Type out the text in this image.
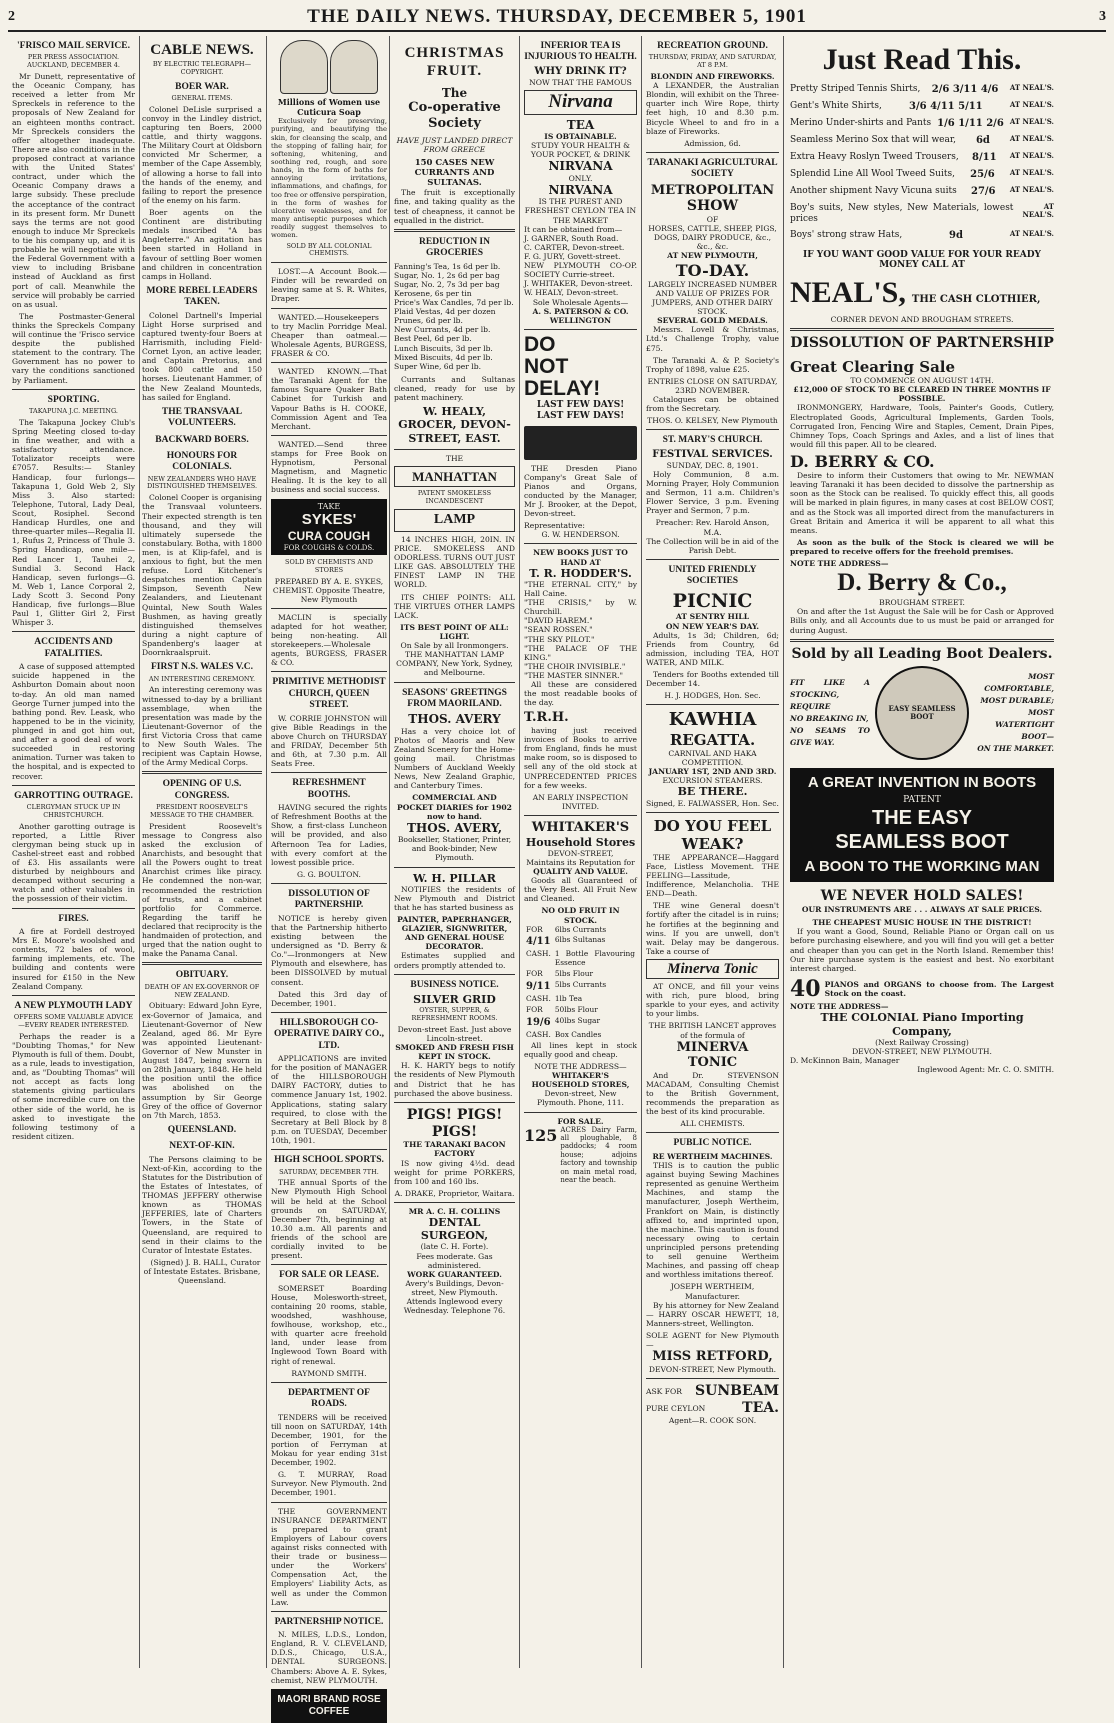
2	THE DAILY NEWS. THURSDAY, DECEMBER 5, 1901	3
'FRISCO MAIL SERVICE.
PER PRESS ASSOCIATION. AUCKLAND, DECEMBER 4.

Mr Dunett, representative of the Oceanic Company, has received a letter from Mr Spreckels in reference to the proposals of New Zealand for an eighteen months contract. Mr Spreckels considers the offer altogether inadequate. There are also conditions in the proposed contract at variance with the United States' contract, under which the Oceanic Company draws a large subsidy. These preclude the acceptance of the contract in its present form. Mr Dunett says the terms are not good enough to induce Mr Spreckels to tie his company up, and it is probable he will negotiate with the Federal Government with a view to including Brisbane instead of Auckland as first port of call. Meanwhile the service will probably be carried on as usual.

The Postmaster-General thinks the Spreckels Company will continue the 'Frisco service despite the published statement to the contrary. The Government has no power to vary the conditions sanctioned by Parliament.

SPORTING.
TAKAPUNA J.C. MEETING.

The Takapuna Jockey Club's Spring Meeting closed to-day in fine weather, and with a satisfactory attendance. Totalizator receipts were £7057. Results:— Stanley Handicap, four furlongs—Takapuna 1, Gold Web 2, Sly Miss 3. Also started: Telephone, Tutoral, Lady Deal, Scout, Rosiphel. Second Handicap Hurdles, one and three-quarter miles—Regalia II. 1, Rufus 2, Princess of Thule 3. Spring Handicap, one mile—Red Lancer 1, Tauhei 2, Sundial 3. Second Hack Handicap, seven furlongs—G. M. Web 1, Lance Corporal 2, Lady Scott 3. Second Pony Handicap, five furlongs—Blue Paul 1, Glitter Girl 2, First Whisper 3.

ACCIDENTS AND FATALITIES.

A case of supposed attempted suicide happened in the Ashburton Domain about noon to-day. An old man named George Turner jumped into the bathing pond. Rev. Leask, who happened to be in the vicinity, plunged in and got him out, and after a good deal of work succeeded in restoring animation. Turner was taken to the hospital, and is expected to recover.

GARROTTING OUTRAGE.
CLERGYMAN STUCK UP IN CHRISTCHURCH.

Another garotting outrage is reported, a Little River clergyman being stuck up in Cashel-street east and robbed of £3. His assailants were disturbed by neighbours and decamped without securing a watch and other valuables in the possession of their victim.

FIRES.

A fire at Fordell destroyed Mrs E. Moore's woolshed and contents, 72 bales of wool, farming implements, etc. The building and contents were insured for £150 in the New Zealand Company.

A NEW PLYMOUTH LADY
OFFERS SOME VALUABLE ADVICE—EVERY READER INTERESTED.

Perhaps the reader is a "Doubting Thomas," for New Plymouth is full of them. Doubt, as a rule, leads to investigation, and, as "Doubting Thomas" will not accept as facts long statements giving particulars of some incredible cure on the other side of the world, he is asked to investigate the following testimony of a resident citizen.

CABLE NEWS.
BY ELECTRIC TELEGRAPH—COPYRIGHT.
BOER WAR.
GENERAL ITEMS.

Colonel DeLisle surprised a convoy in the Lindley district, capturing ten Boers, 2000 cattle, and thirty waggons. The Military Court at Oldsborn convicted Mr Schermer, a member of the Cape Assembly, of allowing a horse to fall into the hands of the enemy, and failing to report the presence of the enemy on his farm.

Boer agents on the Continent are distributing medals inscribed "A bas Angleterre." An agitation has been started in Holland in favour of settling Boer women and children in concentration camps in Holland.

MORE REBEL LEADERS TAKEN.

Colonel Dartnell's Imperial Light Horse surprised and captured twenty-four Boers at Harrismith, including Field-Cornet Lyon, an active leader, and Captain Pretorius, and took 800 cattle and 150 horses. Lieutenant Hammer, of the New Zealand Mounteds, has sailed for England.

THE TRANSVAAL VOLUNTEERS.
BACKWARD BOERS.
HONOURS FOR COLONIALS.
NEW ZEALANDERS WHO HAVE DISTINGUISHED THEMSELVES.

Colonel Cooper is organising the Transvaal volunteers. Their expected strength is ten thousand, and they will ultimately supersede the constabulary. Botha, with 1800 men, is at Klip-fafel, and is anxious to fight, but the men refuse. Lord Kitchener's despatches mention Captain Simpson, Seventh New Zealanders, and Lieutenant Quintal, New South Wales Bushmen, as having greatly distinguished themselves during a night capture of Spandenberg's laager at Doornkraalspruit.

FIRST N.S. WALES V.C.
AN INTERESTING CEREMONY.

An interesting ceremony was witnessed to-day by a brilliant assemblage, when the presentation was made by the Lieutenant-Governor of the first Victoria Cross that came to New South Wales. The recipient was Captain Howse, of the Army Medical Corps.

OPENING OF U.S. CONGRESS.
PRESIDENT ROOSEVELT'S MESSAGE TO THE CHAMBER.

President Roosevelt's message to Congress also asked the exclusion of Anarchists, and besought that all the Powers ought to treat Anarchist crimes like piracy. He condemned the non-war, recommended the restriction of trusts, and a cabinet portfolio for Commerce. Regarding the tariff he declared that reciprocity is the handmaiden of protection, and urged that the nation ought to make the Panama Canal.

OBITUARY.
DEATH OF AN EX-GOVERNOR OF NEW ZEALAND.

Obituary: Edward John Eyre, ex-Governor of Jamaica, and Lieutenant-Governor of New Zealand, aged 86. Mr Eyre was appointed Lieutenant-Governor of New Munster in August 1847, being sworn in on 28th January, 1848. He held the position until the office was abolished on the assumption by Sir George Grey of the office of Governor on 7th March, 1853.

QUEENSLAND.
NEXT-OF-KIN.

The Persons claiming to be Next-of-Kin, according to the Statutes for the Distribution of the Estates of Intestates, of THOMAS JEFFERY otherwise known as THOMAS JEFFERIES, late of Charters Towers, in the State of Queensland, are required to send in their claims to the Curator of Intestate Estates.

(Signed) J. B. HALL, Curator of Intestate Estates. Brisbane, Queensland.

Millions of Women use Cuticura Soap

Exclusively for preserving, purifying, and beautifying the skin, for cleansing the scalp, and the stopping of falling hair, for softening, whitening, and soothing red, rough, and sore hands, in the form of baths for annoying irritations, inflammations, and chafings, for too free or offensive perspiration, in the form of washes for ulcerative weaknesses, and for many antiseptic purposes which readily suggest themselves to women.

SOLD BY ALL COLONIAL CHEMISTS.

LOST.—A Account Book.—Finder will be rewarded on leaving same at S. R. Whites, Draper.

WANTED.—Housekeepers to try Maclin Porridge Meal. Cheaper than oatmeal.—Wholesale Agents, BURGESS, FRASER & CO.

WANTED KNOWN.—That the Taranaki Agent for the famous Square Quaker Bath Cabinet for Turkish and Vapour Baths is H. COOKE, Commission Agent and Tea Merchant.

WANTED.—Send three stamps for Free Book on Hypnotism, Personal Magnetism, and Magnetic Healing. It is the key to all business and social success.

TAKE
SYKES'
CURA COUGH
FOR COUGHS & COLDS.
SOLD BY CHEMISTS AND STORES
PREPARED BY A. E. SYKES, CHEMIST. Opposite Theatre, New Plymouth

MACLIN is specially adapted for hot weather, being non-heating. All storekeepers.—Wholesale agents, BURGESS, FRASER & CO.

PRIMITIVE METHODIST CHURCH, QUEEN STREET.

W. CORRIE JOHNSTON will give Bible Readings in the above Church on THURSDAY and FRIDAY, December 5th and 6th, at 7.30 p.m. All Seats Free.

REFRESHMENT BOOTHS.

HAVING secured the rights of Refreshment Booths at the Show, a first-class Luncheon will be provided, and also Afternoon Tea for Ladies, with every comfort at the lowest possible price.

G. G. BOULTON.
DISSOLUTION OF PARTNERSHIP.

NOTICE is hereby given that the Partnership hitherto existing between the undersigned as "D. Berry & Co."—Ironmongers at New Plymouth and elsewhere, has been DISSOLVED by mutual consent.

Dated this 3rd day of December, 1901.

HILLSBOROUGH CO-OPERATIVE DAIRY CO., LTD.

APPLICATIONS are invited for the position of MANAGER of the HILLSBOROUGH DAIRY FACTORY, duties to commence January 1st, 1902. Applications, stating salary required, to close with the Secretary at Bell Block by 8 p.m. on TUESDAY, December 10th, 1901.

HIGH SCHOOL SPORTS.
SATURDAY, DECEMBER 7TH.

THE annual Sports of the New Plymouth High School will be held at the School grounds on SATURDAY, December 7th, beginning at 10.30 a.m. All parents and friends of the school are cordially invited to be present.

FOR SALE OR LEASE.

SOMERSET Boarding House, Molesworth-street, containing 20 rooms, stable, woodshed, washhouse, fowlhouse, workshop, etc., with quarter acre freehold land, under lease from Inglewood Town Board with right of renewal.

RAYMOND SMITH.
DEPARTMENT OF ROADS.

TENDERS will be received till noon on SATURDAY, 14th December, 1901, for the portion of Ferryman at Mokau for year ending 31st December, 1902.

G. T. MURRAY, Road Surveyor. New Plymouth. 2nd December, 1901.

THE GOVERNMENT INSURANCE DEPARTMENT is prepared to grant Employers of Labour covers against risks connected with their trade or business—under the Workers' Compensation Act, the Employers' Liability Acts, as well as under the Common Law.

PARTNERSHIP NOTICE.

N. MILES, L.D.S., London, England, R. V. CLEVELAND, D.D.S., Chicago, U.S.A., DENTAL SURGEONS. Chambers: Above A. E. Sykes, chemist, NEW PLYMOUTH.

MAORI BRAND ROSE COFFEE
CHRISTMAS
FRUIT.
The
Co-operative
Society
HAVE JUST LANDED DIRECT FROM GREECE
150 CASES NEW CURRANTS AND SULTANAS.

The fruit is exceptionally fine, and taking quality as the test of cheapness, it cannot be equalled in the district.

REDUCTION IN GROCERIES
Fanning's Tea, 1s 6d per lb.
Sugar, No. 1, 2s 6d per bag
Sugar, No. 2, 7s 3d per bag
Kerosene, 6s per tin
Price's Wax Candles, 7d per lb.
Plaid Vestas, 4d per dozen
Prunes, 6d per lb.
New Currants, 4d per lb.
Best Peel, 6d per lb.
Lunch Biscuits, 3d per lb.
Mixed Biscuits, 4d per lb.
Super Wine, 6d per lb.

Currants and Sultanas cleaned, ready for use by patent machinery.

W. HEALY, GROCER, DEVON-STREET, EAST.
THE
MANHATTAN
PATENT SMOKELESS INCANDESCENT
LAMP

14 INCHES HIGH, 20IN. IN PRICE. SMOKELESS AND ODORLESS. TURNS OUT JUST LIKE GAS. ABSOLUTELY THE FINEST LAMP IN THE WORLD.

ITS CHIEF POINTS: ALL THE VIRTUES OTHER LAMPS LACK.

ITS BEST POINT OF ALL: LIGHT.
On Sale by all Ironmongers.
THE MANHATTAN LAMP COMPANY, New York, Sydney, and Melbourne.
SEASONS' GREETINGS FROM MAORILAND.
THOS. AVERY

Has a very choice lot of Photos of Maoris and New Zealand Scenery for the Home-going mail. Christmas Numbers of Auckland Weekly News, New Zealand Graphic, and Canterbury Times.

COMMERCIAL AND POCKET DIARIES for 1902 now to hand.
THOS. AVERY,
Bookseller, Stationer, Printer, and Book-binder, New Plymouth.
W. H. PILLAR

NOTIFIES the residents of New Plymouth and District that he has started business as

PAINTER, PAPERHANGER, GLAZIER, SIGNWRITER, AND GENERAL HOUSE DECORATOR.

Estimates supplied and orders promptly attended to.

BUSINESS NOTICE.
SILVER GRID
OYSTER, SUPPER, & REFRESHMENT ROOMS.
Devon-street East. Just above Lincoln-street.
SMOKED AND FRESH FISH KEPT IN STOCK.

H. K. HARTY begs to notify the residents of New Plymouth and District that he has purchased the above business.

PIGS! PIGS! PIGS!
THE TARANAKI BACON FACTORY

IS now giving 4½d. dead weight for prime PORKERS, from 100 and 160 lbs.

A. DRAKE, Proprietor, Waitara.
MR A. C. H. COLLINS
DENTAL SURGEON,
(late C. H. Forte).
Fees moderate. Gas administered.
WORK GUARANTEED.
Avery's Buildings, Devon-street, New Plymouth.
Attends Inglewood every Wednesday. Telephone 76.
INFERIOR TEA IS INJURIOUS TO HEALTH.
WHY DRINK IT?
NOW THAT THE FAMOUS
Nirvana
TEA
IS OBTAINABLE.
STUDY YOUR HEALTH & YOUR POCKET, & DRINK
NIRVANA
ONLY.
NIRVANA
IS THE PUREST AND FRESHEST CEYLON TEA IN THE MARKET
It can be obtained from—
J. GARNER, South Road.
C. CARTER, Devon-street.
F. G. JURY, Govett-street.
NEW PLYMOUTH CO-OP. SOCIETY Currie-street.
J. WHITAKER, Devon-street.
W. HEALY, Devon-street.
Sole Wholesale Agents—
A. S. PATERSON & CO. WELLINGTON
DO
NOT
DELAY!
LAST FEW DAYS!
LAST FEW DAYS!

THE Dresden Piano Company's Great Sale of Pianos and Organs, conducted by the Manager, Mr J. Brooker, at the Depot, Devon-street.

Representative:
G. W. HENDERSON.
NEW BOOKS JUST TO HAND AT
T. R. HODDER'S.
"THE ETERNAL CITY," by Hall Caine.
"THE CRISIS," by W. Churchill.
"DAVID HAREM."
"SEAN ROSSEN."
"THE SKY PILOT."
"THE PALACE OF THE KING."
"THE CHOIR INVISIBLE."
"THE MASTER SINNER."

All these are considered the most readable books of the day.

T.R.H.

having just received invoices of Books to arrive from England, finds he must make room, so is disposed to sell any of the old stock at UNPRECEDENTED PRICES for a few weeks.

AN EARLY INSPECTION INVITED.
WHITAKER'S
Household Stores
DEVON-STREET,
Maintains its Reputation for
QUALITY AND VALUE.

Goods all Guaranteed of the Very Best. All Fruit New and Cleaned.

NO OLD FRUIT IN STOCK.
FOR	6lbs Currants
4/11	6lbs Sultanas
CASH.	1 Bottle Flavouring Essence
FOR	5lbs Flour
9/11	5lbs Currants
CASH.	1lb Tea
FOR	50lbs Flour
19/6	40lbs Sugar
CASH.	Box Candles

All lines kept in stock equally good and cheap.

NOTE THE ADDRESS—
WHITAKER'S HOUSEHOLD STORES,
Devon-street, New Plymouth. Phone, 111.
FOR SALE.
125 ACRES Dairy Farm, all ploughable, 8 paddocks; 4 room house; adjoins factory and township on main metal road, near the beach.
RECREATION GROUND.
THURSDAY, FRIDAY, AND SATURDAY, AT 8 P.M.
BLONDIN AND FIREWORKS.

A LEXANDER, the Australian Blondin, will exhibit on the Three-quarter inch Wire Rope, thirty feet high, 10 and 8.30 p.m. Bicycle Wheel to and fro in a blaze of Fireworks.

Admission, 6d.
TARANAKI AGRICULTURAL SOCIETY
METROPOLITAN
SHOW
OF
HORSES, CATTLE, SHEEP, PIGS, DOGS, DAIRY PRODUCE, &c., &c., &c.
AT NEW PLYMOUTH,
TO-DAY.
LARGELY INCREASED NUMBER AND VALUE OF PRIZES FOR JUMPERS, AND OTHER DAIRY STOCK.
SEVERAL GOLD MEDALS.

Messrs. Lovell & Christmas, Ltd.'s Challenge Trophy, value £75.

The Taranaki A. & P. Society's Trophy of 1898, value £25.

ENTRIES CLOSE ON SATURDAY, 23RD NOVEMBER.

Catalogues can be obtained from the Secretary.

THOS. O. KELSEY, New Plymouth
ST. MARY'S CHURCH.
FESTIVAL SERVICES.
SUNDAY, DEC. 8, 1901.

Holy Communion, 8 a.m. Morning Prayer, Holy Communion and Sermon, 11 a.m. Children's Flower Service, 3 p.m. Evening Prayer and Sermon, 7 p.m.

Preacher: Rev. Harold Anson, M.A.
The Collection will be in aid of the Parish Debt.
UNITED FRIENDLY SOCIETIES
PICNIC
AT SENTRY HILL
ON NEW YEAR'S DAY.

Adults, 1s 3d; Children, 6d; Friends from Country, 6d admission, including TEA, HOT WATER, AND MILK.

Tenders for Booths extended till December 14.

H. J. HODGES, Hon. Sec.
KAWHIA
REGATTA.
CARNIVAL AND HAKA COMPETITION.
JANUARY 1ST, 2ND AND 3RD.
EXCURSION STEAMERS.
BE THERE.
Signed, E. FALWASSER, Hon. Sec.
DO YOU FEEL
WEAK?

THE APPEARANCE—Haggard Face, Listless Movement. THE FEELING—Lassitude, Indifference, Melancholia. THE END—Death.

THE wine General doesn't fortify after the citadel is in ruins; he fortifies at the beginning and wins. If you are unwell, don't wait. Delay may be dangerous. Take a course of

Minerva Tonic

AT ONCE, and fill your veins with rich, pure blood, bring sparkle to your eyes, and activity to your limbs.

THE BRITISH LANCET approves of the formula of
MINERVA
TONIC

And Dr. STEVENSON MACADAM, Consulting Chemist to the British Government, recommends the preparation as the best of its kind procurable.

ALL CHEMISTS.
PUBLIC NOTICE.
RE WERTHEIM MACHINES.

THIS is to caution the public against buying Sewing Machines represented as genuine Wertheim Machines, and stamp the manufacturer, Joseph Wertheim, Frankfort on Main, is distinctly affixed to, and imprinted upon, the machine. This caution is found necessary owing to certain unprincipled persons pretending to sell genuine Wertheim Machines, and passing off cheap and worthless imitations thereof.

JOSEPH WERTHEIM, Manufacturer.

By his attorney for New Zealand— HARRY OSCAR HEWETT, 18, Manners-street, Wellington.

SOLE AGENT for New Plymouth—
MISS RETFORD,
DEVON-STREET, New Plymouth.
ASK FOR SUNBEAM
PURE CEYLON	TEA.
Agent—R. COOK SON.
Just Read This.
Pretty Striped Tennis Shirts, 2/6 3/11 4/6 AT NEAL'S.
Gent's White Shirts,	3/6 4/11 5/11	AT NEAL'S.
Merino Under-shirts and Pants 1/6 1/11 2/6 AT NEAL'S.
Seamless Merino Sox that will wear, 6d	AT NEAL'S.
Extra Heavy Roslyn Tweed Trousers, 8/11 AT NEAL'S.
Splendid Line All Wool Tweed Suits, 25/6 AT NEAL'S.
Another shipment Navy Vicuna suits 27/6 AT NEAL'S.
Boy's suits, New styles, New Materials, lowest prices
AT NEAL'S.
Boys' strong straw Hats,	9d	AT NEAL'S.
IF YOU WANT GOOD VALUE FOR YOUR READY MONEY CALL AT
NEAL'S, THE CASH CLOTHIER,
CORNER DEVON AND BROUGHAM STREETS.
DISSOLUTION OF PARTNERSHIP
Great Clearing Sale
TO COMMENCE ON AUGUST 14TH.
£12,000 OF STOCK TO BE CLEARED IN THREE MONTHS IF POSSIBLE.

IRONMONGERY, Hardware, Tools, Painter's Goods, Cutlery, Electroplated Goods, Agricultural Implements, Garden Tools, Corrugated Iron, Fencing Wire and Staples, Cement, Drain Pipes, Chimney Tops, Coach Springs and Axles, and a list of lines that would fill this paper. All to be cleared.

D. BERRY & CO.

Desire to inform their Customers that owing to Mr. NEWMAN leaving Taranaki it has been decided to dissolve the partnership as soon as the Stock can be realised. To quickly effect this, all goods will be marked in plain figures, in many cases at cost BELOW COST, and as the Stock was all imported direct from the manufacturers in Great Britain and America it will be apparent to all what this means.

As soon as the bulk of the Stock is cleared we will be prepared to receive offers for the freehold premises.

NOTE THE ADDRESS—
D. Berry & Co.,
BROUGHAM STREET.

On and after the 1st August the Sale will be for Cash or Approved Bills only, and all Accounts due to us must be paid or arranged for during August.

Sold by all Leading Boot Dealers.
FIT LIKE A STOCKING,
REQUIRE
NO BREAKING IN,
NO SEAMS TO GIVE WAY.
EASY SEAMLESS BOOT
MOST COMFORTABLE,
MOST DURABLE;
MOST WATERTIGHT
BOOT—
ON THE MARKET.
A GREAT INVENTION IN BOOTS
PATENT
THE EASY
SEAMLESS BOOT
A BOON TO THE WORKING MAN
WE NEVER HOLD SALES!
OUR INSTRUMENTS ARE . . . ALWAYS AT SALE PRICES.
THE CHEAPEST MUSIC HOUSE IN THE DISTRICT!

If you want a Good, Sound, Reliable Piano or Organ call on us before purchasing elsewhere, and you will find you will get a better and cheaper than you can get in the North Island. Remember this! Our hire purchase system is the easiest and best. No exorbitant interest charged.

40 PIANOS and ORGANS to choose from. The Largest Stock on the coast.
NOTE THE ADDRESS—
THE COLONIAL Piano Importing Company,
(Next Railway Crossing)
DEVON-STREET, NEW PLYMOUTH.
D. McKinnon Bain, Manager
Inglewood Agent: Mr. C. O. SMITH.
